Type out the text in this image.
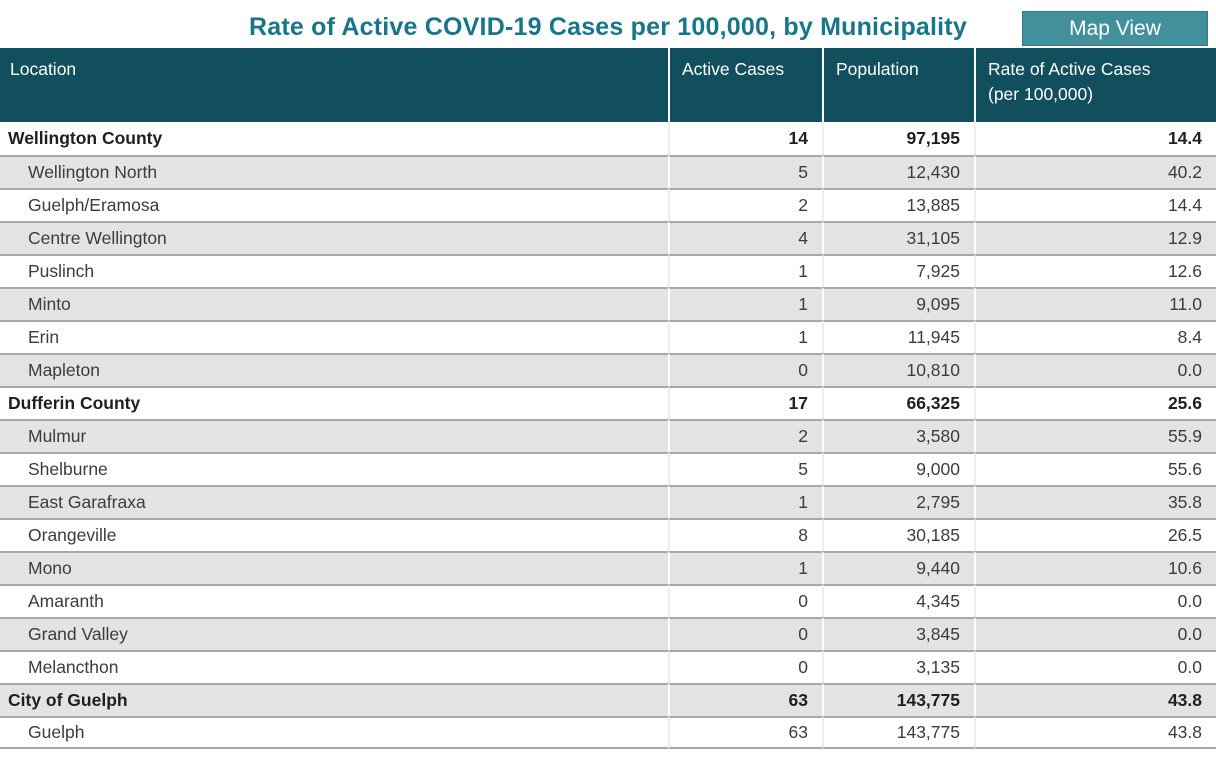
Rate of Active COVID-19 Cases per 100,000, by Municipality	Map View
Location	Active Cases	Population	Rate of Active Cases
(per 100,000)

Wellington County	14	97,195	14.4
Wellington North	5	12,430	40.2
Guelph/Eramosa	2	13,885	14.4
Centre Wellington	4	31,105	12.9
Puslinch	1	7,925	12.6
Minto	1	9,095	11.0
Erin	1	11,945	8.4
Mapleton	0	10,810	0.0
Dufferin County	17	66,325	25.6
Mulmur	2	3,580	55.9
Shelburne	5	9,000	55.6
East Garafraxa	1	2,795	35.8
Orangeville	8	30,185	26.5
Mono	1	9,440	10.6
Amaranth	0	4,345	0.0
Grand Valley	0	3,845	0.0
Melancthon	0	3,135	0.0
City of Guelph	63	143,775	43.8
Guelph	63	143,775	43.8
